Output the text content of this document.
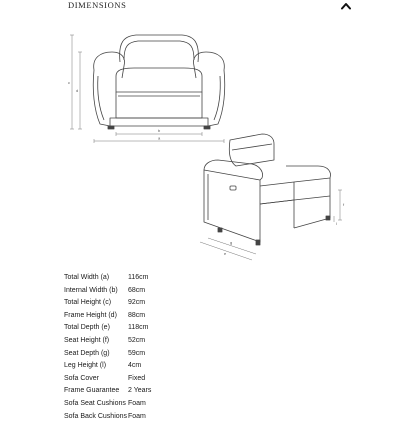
DIMENSIONS
c
d
b
a
f
l
g
e
Total Width (a)	116cm
Internal Width (b)	68cm
Total Height (c)	92cm
Frame Height (d)	88cm
Total Depth (e)	118cm
Seat Height (f)	52cm
Seat Depth (g)	59cm
Leg Height (l)	4cm
Sofa Cover	Fixed
Frame Guarantee	2 Years
Sofa Seat Cushions Foam
Sofa Back Cushions Foam
